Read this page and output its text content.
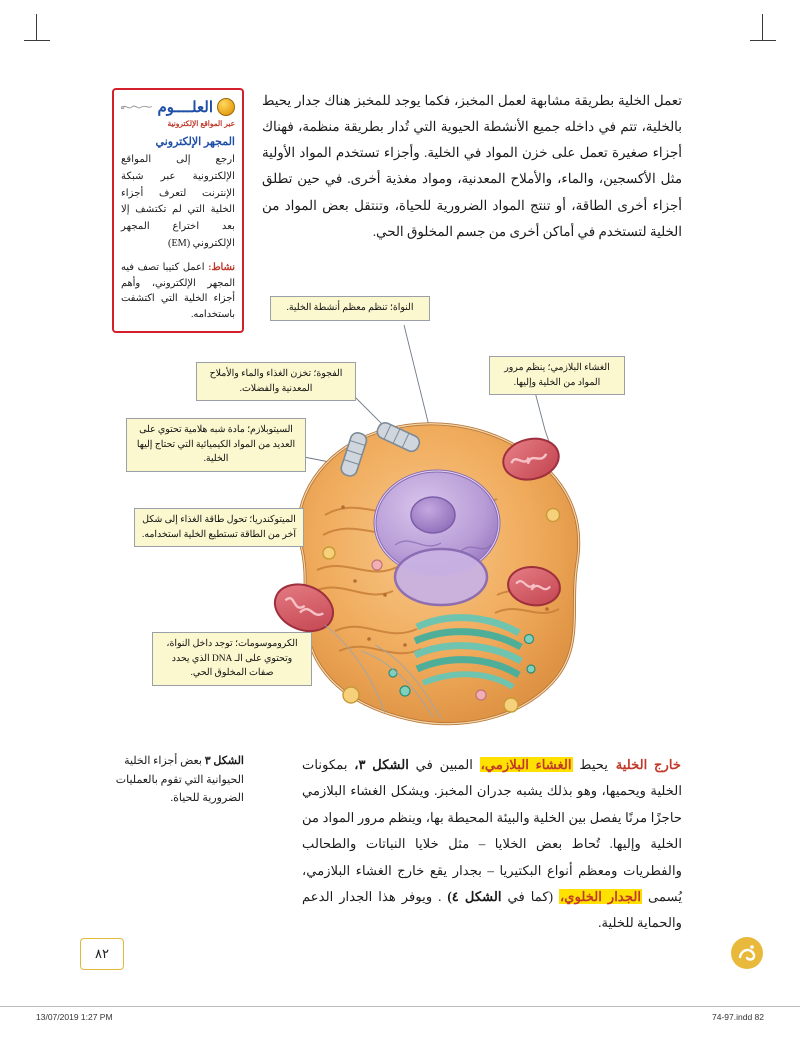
تعمل الخلية بطريقة مشابهة لعمل المخبز، فكما يوجد للمخبز هناك جدار يحيط بالخلية، تتم في داخله جميع الأنشطة الحيوية التي تُدار بطريقة منظمة، فهناك أجزاء صغيرة تعمل على خزن المواد في الخلية. وأجزاء تستخدم المواد الأولية مثل الأكسجين، والماء، والأملاح المعدنية، ومواد مغذية أخرى. في حين تطلق أجزاء أخرى الطاقة، أو تنتج المواد الضرورية للحياة، وتنتقل بعض المواد من الخلية لتستخدم في أماكن أخرى من جسم المخلوق الحي.
العلــــوم
عبر المواقع الإلكترونية
المجهر الإلكتروني
ارجع إلى المواقع الإلكترونية عبر شبكة الإنترنت لتعرف أجزاء الخلية التي لم تكتشف إلا بعد اختراع المجهر الإلكتروني (EM)
نشاط: اعمل كتيبا تصف فيه المجهر الإلكتروني، وأهم أجزاء الخلية التي اكتشفت باستخدامه.
النواة؛ تنظم معظم أنشطة الخلية.
الغشاء البلازمي؛ ينظم مرور المواد من الخلية وإليها.
الفجوة؛ تخزن الغذاء والماء والأملاح المعدنية والفضلات.
السيتوبلازم؛ مادة شبه هلامية تحتوي على العديد من المواد الكيميائية التي تحتاج إليها الخلية.
الميتوكندريا؛ تحول طاقة الغذاء إلى شكل آخر من الطاقة تستطيع الخلية استخدامه.
الكروموسومات؛ توجد داخل النواة، وتحتوي على الـ DNA الذي يحدد صفات المخلوق الحي.
خارج الخلية يحيط الغشاء البلازمي، المبين في الشكل ٣، بمكونات الخلية ويحميها، وهو بذلك يشبه جدران المخبز. ويشكل الغشاء البلازمي حاجزًا مرنًا يفصل بين الخلية والبيئة المحيطة بها، وينظم مرور المواد من الخلية وإليها. تُحاط بعض الخلايا – مثل خلايا النباتات والطحالب والفطريات ومعظم أنواع البكتيريا – بجدار يقع خارج الغشاء البلازمي، يُسمى الجدار الخلوي، (كما في الشكل ٤) . ويوفر هذا الجدار الدعم والحماية للخلية.
الشكل ٣ بعض أجزاء الخلية الحيوانية التي تقوم بالعمليات الضرورية للحياة.
٨٢
74-97.indd 82
13/07/2019 1:27 PM
